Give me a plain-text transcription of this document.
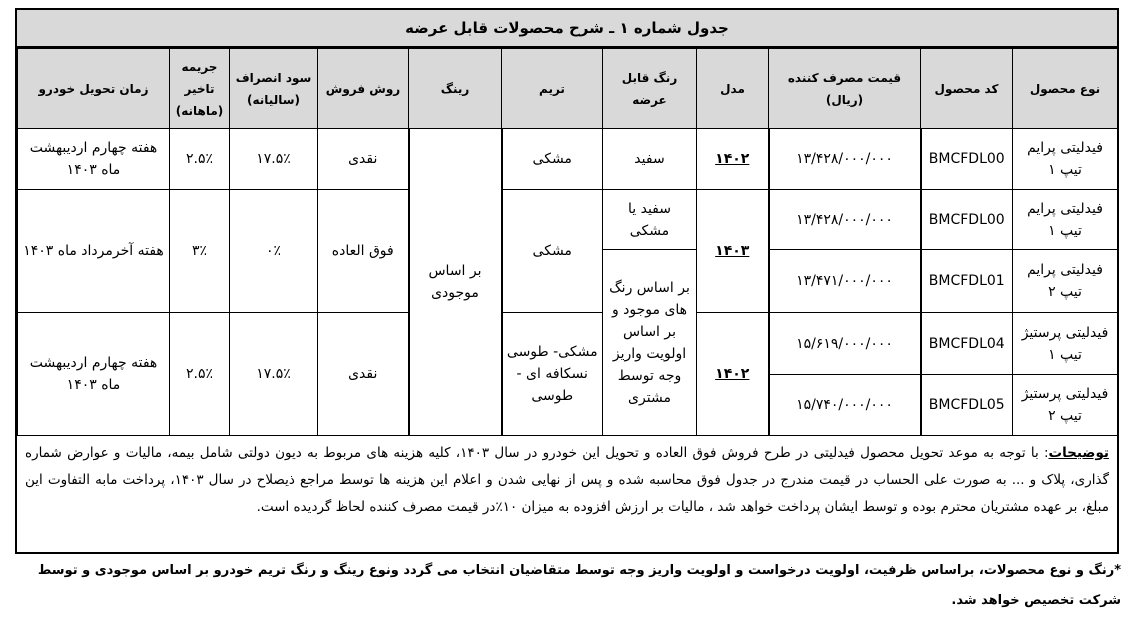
جدول شماره ۱ ـ شرح محصولات قابل عرضه
نوع محصول	کد محصول	قیمت مصرف کننده (ریال)	مدل	رنگ قابل عرضه	تریم	رینگ	روش فروش	سود انصراف (سالیانه)	جریمه تاخیر (ماهانه)	زمان تحویل خودرو
فیدلیتی پرایم تیپ ۱	BMCFDL00	۱۳/۴۲۸/۰۰۰/۰۰۰	۱۴۰۲	سفید	مشکی	بر اساس موجودی	نقدی	۱۷.۵٪	۲.۵٪	هفته چهارم اردیبهشت ماه ۱۴۰۳
فیدلیتی پرایم تیپ ۱	BMCFDL00	۱۳/۴۲۸/۰۰۰/۰۰۰	۱۴۰۳	سفید یا مشکی	مشکی		فوق العاده	۰٪	۳٪	هفته آخرمرداد ماه ۱۴۰۳
فیدلیتی پرایم تیپ ۲	BMCFDL01	۱۳/۴۷۱/۰۰۰/۰۰۰		بر اساس رنگ های موجود و بر اساس اولویت واریز وجه توسط مشتری						
فیدلیتی پرستیژ تیپ ۱	BMCFDL04	۱۵/۶۱۹/۰۰۰/۰۰۰	۱۴۰۲		مشکی- طوسی نسکافه ای - طوسی		نقدی	۱۷.۵٪	۲.۵٪	هفته چهارم اردیبهشت ماه ۱۴۰۳
فیدلیتی پرستیژ تیپ ۲	BMCFDL05	۱۵/۷۴۰/۰۰۰/۰۰۰								
توضیحات: با توجه به موعد تحویل محصول فیدلیتی در طرح فروش فوق العاده و تحویل این خودرو در سال ۱۴۰۳، کلیه هزینه های مربوط به دیون دولتی شامل بیمه، مالیات و عوارض شماره گذاری، پلاک و ... به صورت علی الحساب در قیمت مندرج در جدول فوق محاسبه شده و پس از نهایی شدن و اعلام این هزینه ها توسط مراجع ذیصلاح در سال ۱۴۰۳، پرداخت مابه التفاوت این مبلغ، بر عهده مشتریان محترم بوده و توسط ایشان پرداخت خواهد شد ، مالیات بر ارزش افزوده به میزان ۱۰٪در قیمت مصرف کننده لحاظ گردیده است.
*رنگ و نوع محصولات، براساس ظرفیت، اولویت درخواست و اولویت واریز وجه توسط متقاضیان انتخاب می گردد ونوع رینگ و رنگ تریم خودرو بر اساس موجودی و توسط شرکت تخصیص خواهد شد.
